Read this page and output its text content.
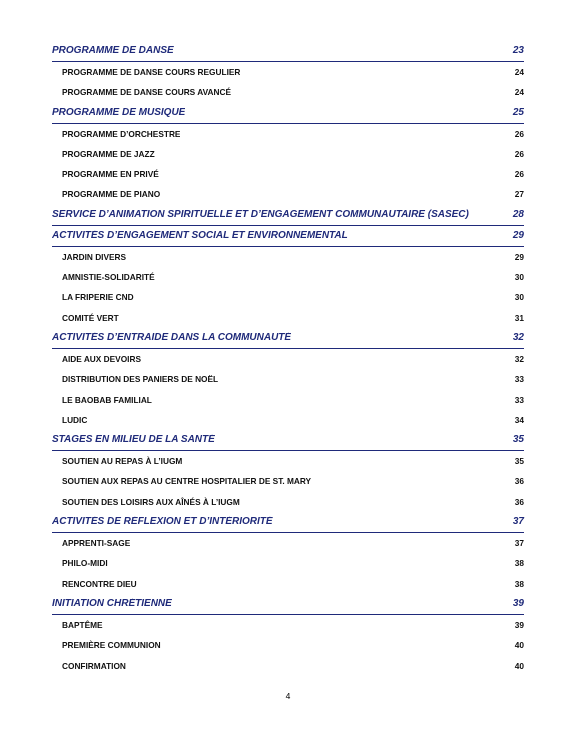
PROGRAMME DE DANSE	23
PROGRAMME DE DANSE COURS REGULIER	24
PROGRAMME DE DANSE COURS AVANCÉ	24
PROGRAMME DE MUSIQUE	25
PROGRAMME D’ORCHESTRE	26
PROGRAMME DE JAZZ	26
PROGRAMME EN PRIVÉ	26
PROGRAMME DE PIANO	27
SERVICE D’ANIMATION SPIRITUELLE ET D’ENGAGEMENT COMMUNAUTAIRE (SASEC)	28
ACTIVITÉS D’ENGAGEMENT SOCIAL ET ENVIRONNEMENTAL	29
JARDIN DIVERS	29
AMNISTIE-SOLIDARITÉ	30
LA FRIPERIE CND	30
COMITÉ VERT	31
ACTIVITÉS D’ENTRAIDE DANS LA COMMUNAUTÉ	32
AIDE AUX DEVOIRS	32
DISTRIBUTION DES PANIERS DE NOËL	33
LE BAOBAB FAMILIAL	33
LUDIC	34
STAGES EN MILIEU DE LA SANTÉ	35
SOUTIEN AU REPAS À L’IUGM	35
SOUTIEN AUX REPAS AU CENTRE HOSPITALIER DE ST. MARY	36
SOUTIEN DES LOISIRS AUX AÎNÉS À L’IUGM	36
ACTIVITÉS DE RÉFLEXION ET D’INTÉRIORITÉ	37
APPRENTI-SAGE	37
PHILO-MIDI	38
RENCONTRE DIEU	38
INITIATION CHRÉTIENNE	39
BAPTÊME	39
PREMIÈRE COMMUNION	40
CONFIRMATION	40
4
